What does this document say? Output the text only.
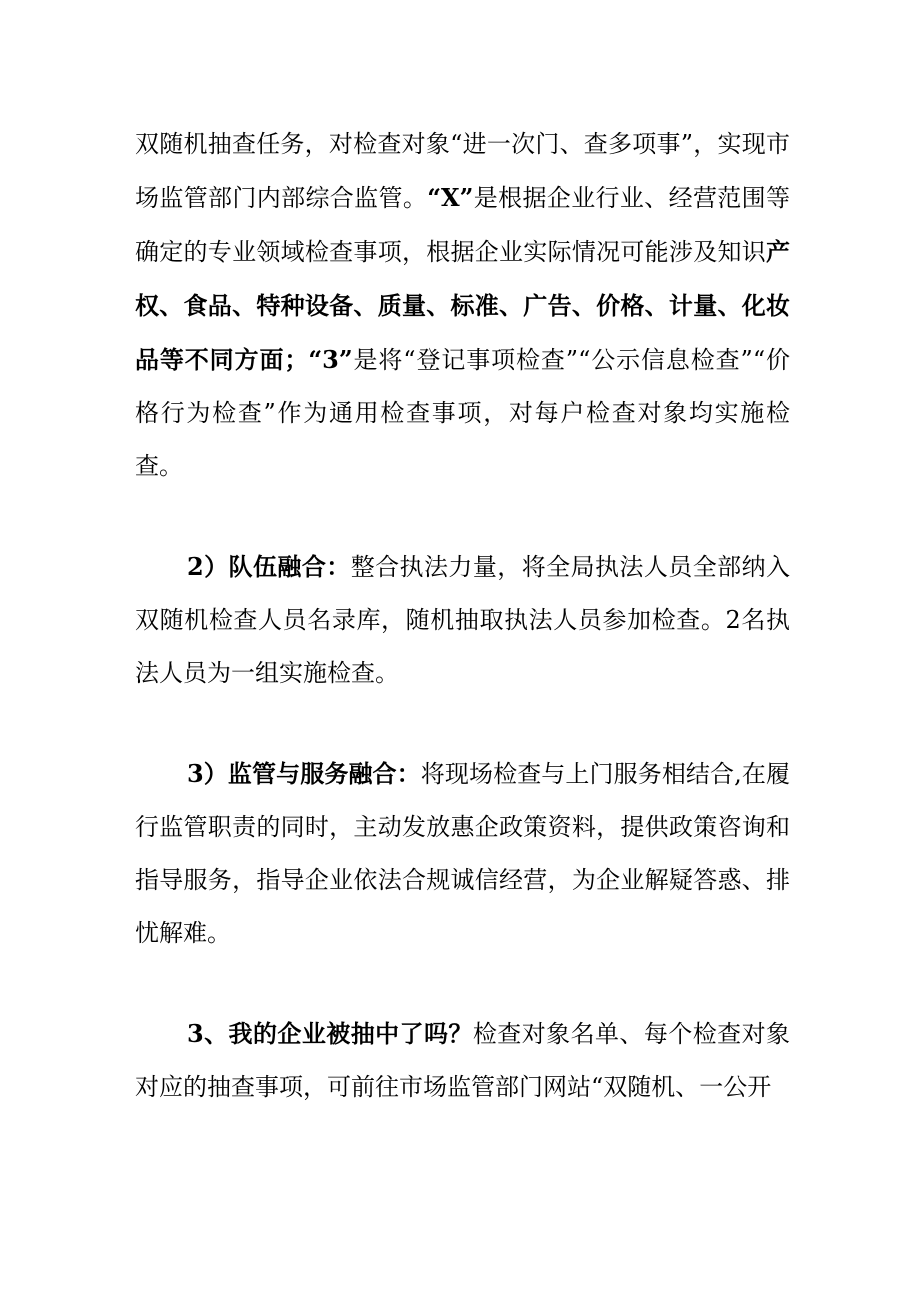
双随机抽查任务，对检查对象“进一次门、查多项事”，实现市场监管部门内部综合监管。“X”是根据企业行业、经营范围等确定的专业领域检查事项，根据企业实际情况可能涉及知识产权、食品、特种设备、质量、标准、广告、价格、计量、化妆品等不同方面；“3”是将“登记事项检查”“公示信息检查”“价格行为检查”作为通用检查事项，对每户检查对象均实施检查。

2）队伍融合：整合执法力量，将全局执法人员全部纳入双随机检查人员名录库，随机抽取执法人员参加检查。2名执法人员为一组实施检查。

3）监管与服务融合：将现场检查与上门服务相结合,在履行监管职责的同时，主动发放惠企政策资料，提供政策咨询和指导服务，指导企业依法合规诚信经营，为企业解疑答惑、排忧解难。

3、我的企业被抽中了吗？检查对象名单、每个检查对象对应的抽查事项，可前往市场监管部门网站“双随机、一公开
